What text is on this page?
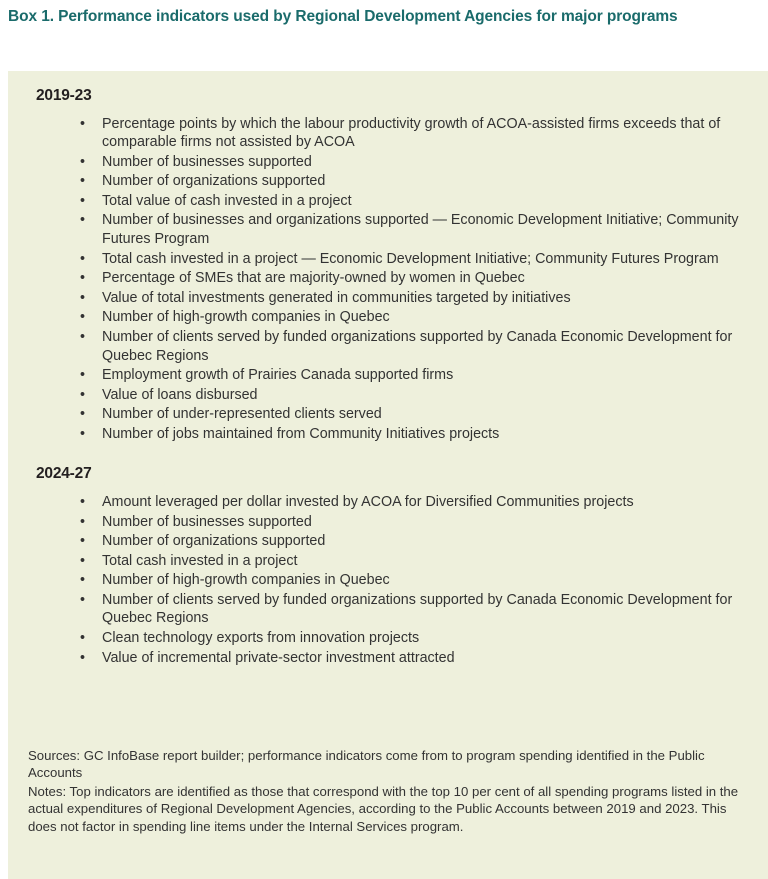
Box 1. Performance indicators used by Regional Development Agencies for major programs
2019-23
• Percentage points by which the labour productivity growth of ACOA-assisted firms exceeds that of comparable firms not assisted by ACOA
• Number of businesses supported
• Number of organizations supported
• Total value of cash invested in a project
• Number of businesses and organizations supported — Economic Development Initiative; Community Futures Program
• Total cash invested in a project — Economic Development Initiative; Community Futures Program
• Percentage of SMEs that are majority-owned by women in Quebec
• Value of total investments generated in communities targeted by initiatives
• Number of high-growth companies in Quebec
• Number of clients served by funded organizations supported by Canada Economic Development for Quebec Regions
• Employment growth of Prairies Canada supported firms
• Value of loans disbursed
• Number of under-represented clients served
• Number of jobs maintained from Community Initiatives projects
2024-27
• Amount leveraged per dollar invested by ACOA for Diversified Communities projects
• Number of businesses supported
• Number of organizations supported
• Total cash invested in a project
• Number of high-growth companies in Quebec
• Number of clients served by funded organizations supported by Canada Economic Development for Quebec Regions
• Clean technology exports from innovation projects
• Value of incremental private-sector investment attracted

Sources: GC InfoBase report builder; performance indicators come from to program spending identified in the Public Accounts

Notes: Top indicators are identified as those that correspond with the top 10 per cent of all spending programs listed in the actual expenditures of Regional Development Agencies, according to the Public Accounts between 2019 and 2023. This does not factor in spending line items under the Internal Services program.
